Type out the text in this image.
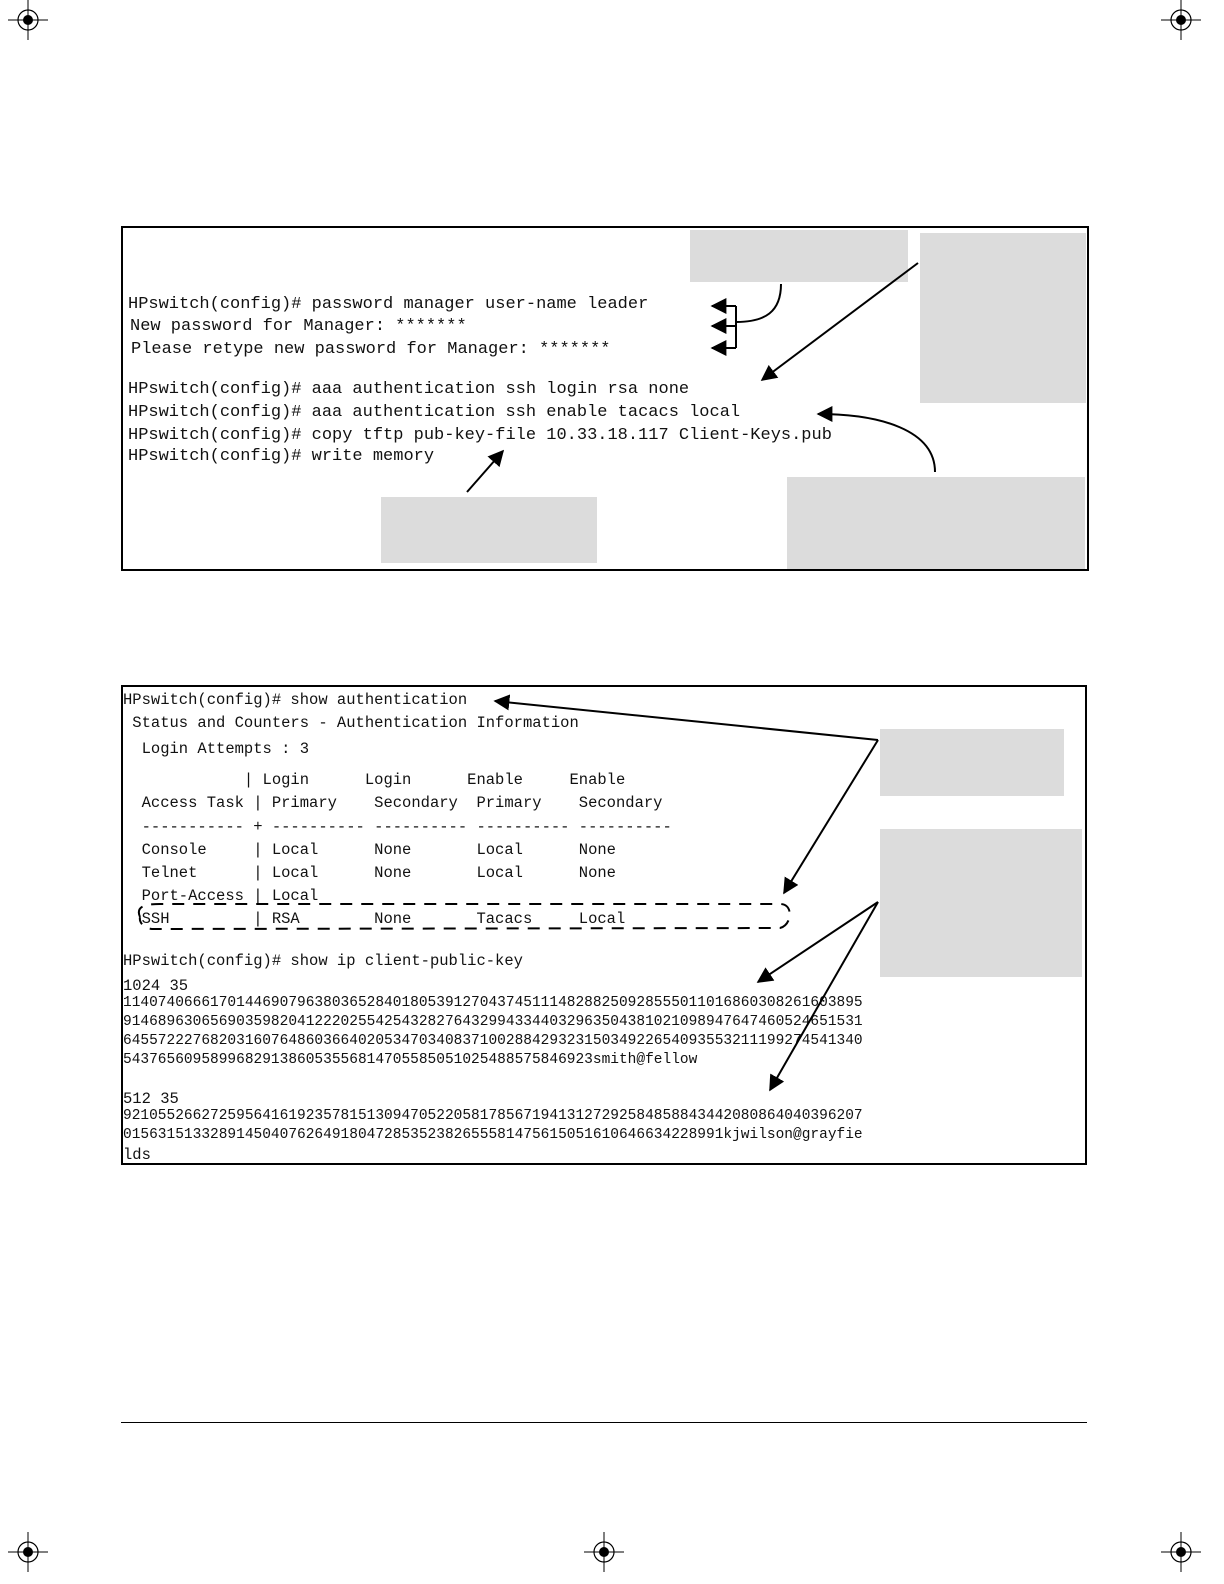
HPswitch(config)# password manager user-name leader
New password for Manager: *******
Please retype new password for Manager: *******
HPswitch(config)# aaa authentication ssh login rsa none
HPswitch(config)# aaa authentication ssh enable tacacs local
HPswitch(config)# copy tftp pub-key-file 10.33.18.117 Client-Keys.pub
HPswitch(config)# write memory
HPswitch(config)# show authentication
Status and Counters - Authentication Information
Login Attempts : 3
| Login      Login      Enable     Enable
Access Task | Primary    Secondary  Primary    Secondary
----------- + ---------- ---------- ---------- ----------
Console     | Local      None       Local      None
Telnet      | Local      None       Local      None
Port-Access | Local
SSH         | RSA        None       Tacacs     Local
HPswitch(config)# show ip client-public-key
1024 35
1140740666170144690796380365284018053912704374511148288250928555011016860308261603895
9146896306569035982041222025542543282764329943344032963504381021098947647460524651531
6455722276820316076486036640205347034083710028842932315034922654093553211199274541340
543765609589968291386053556814705585051025488575846923smith@fellow
512 35
9210552662725956416192357815130947052205817856719413127292584858843442080864040396207
015631513328914504076264918047285352382655581475615051610646634228991kjwilson@grayfie
lds
